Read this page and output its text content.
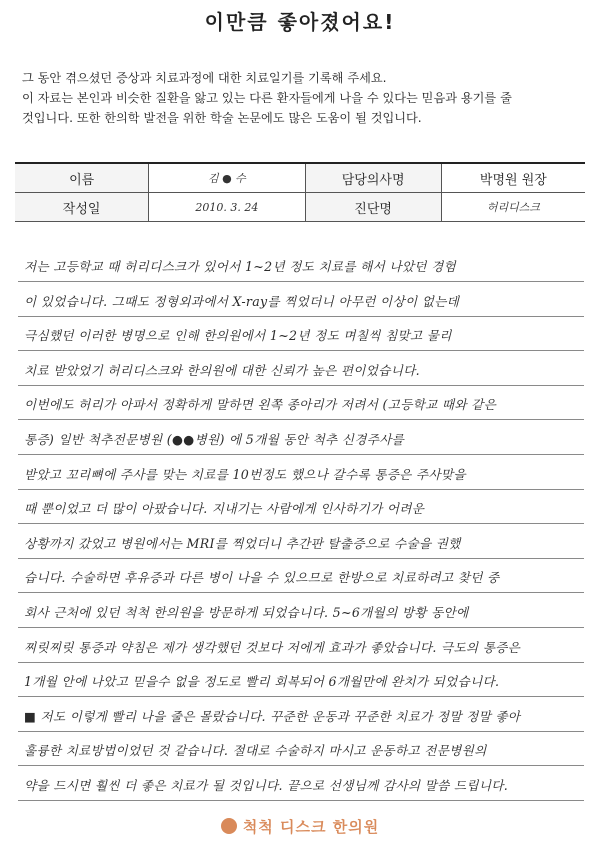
이만큼 좋아졌어요!

그 동안 겪으셨던 증상과 치료과정에 대한 치료일기를 기록해 주세요.

이 자료는 본인과 비슷한 질환을 앓고 있는 다른 환자들에게 나을 수 있다는 믿음과 용기를 줄

것입니다. 또한 한의학 발전을 위한 학술 논문에도 많은 도움이 될 것입니다.

이름	김 ● 수	담당의사명	박명원 원장
작성일	2010. 3. 24	진단명	허리디스크
저는 고등학교 때 허리디스크가 있어서 1~2년 정도 치료를 해서 나았던 경험
이 있었습니다. 그때도 정형외과에서 X-ray를 찍었더니 아무런 이상이 없는데
극심했던 이러한 병명으로 인해 한의원에서 1~2년 정도 며칠씩 침맞고 물리
치료 받았었기 허리디스크와 한의원에 대한 신뢰가 높은 편이었습니다.
이번에도 허리가 아파서 정확하게 말하면 왼쪽 종아리가 저려서 (고등학교 때와 같은
통증) 일반 척추전문병원 (●●병원) 에 5개월 동안 척추 신경주사를
받았고 꼬리뼈에 주사를 맞는 치료를 10번정도 했으나 갈수록 통증은 주사맞을
때 뿐이었고 더 많이 아팠습니다. 지내기는 사람에게 인사하기가 어려운
상황까지 갔었고 병원에서는 MRI를 찍었더니 추간판 탈출증으로 수술을 권했
습니다. 수술하면 후유증과 다른 병이 나을 수 있으므로 한방으로 치료하려고 찾던 중
회사 근처에 있던 척척 한의원을 방문하게 되었습니다. 5~6개월의 방황 동안에
찌릿찌릿 통증과 약침은 제가 생각했던 것보다 저에게 효과가 좋았습니다. 극도의 통증은
1개월 안에 나았고 믿을수 없을 정도로 빨리 회복되어 6개월만에 완치가 되었습니다.
■ 저도 이렇게 빨리 나을 줄은 몰랐습니다. 꾸준한 운동과 꾸준한 치료가 정말 정말 좋아
훌륭한 치료방법이었던 것 같습니다. 절대로 수술하지 마시고 운동하고 전문병원의
약을 드시면 훨씬 더 좋은 치료가 될 것입니다. 끝으로 선생님께 감사의 말씀 드립니다.
척척 디스크 한의원
